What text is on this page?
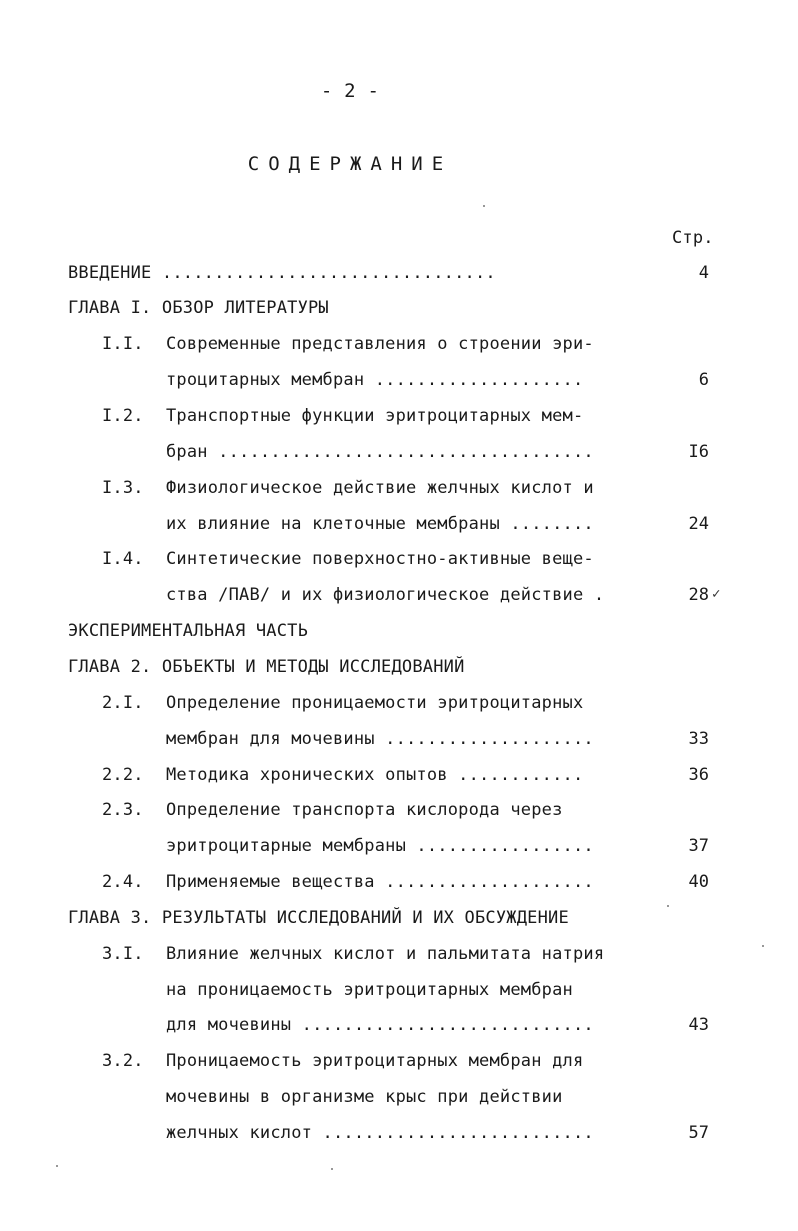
- 2 -
СОДЕРЖАНИЕ
Стр.
ВВЕДЕНИЕ ................................	4
ГЛАВА I. ОБЗОР ЛИТЕРАТУРЫ
I.I. Современные представления о строении эри-
троцитарных мембран ....................	6
I.2. Транспортные функции эритроцитарных мем-
бран ....................................	I6
I.3. Физиологическое действие желчных кислот и
их влияние на клеточные мембраны ........	24
I.4. Синтетические поверхностно-активные веще-
ства /ПАВ/ и их физиологическое действие .	28 ✓
ЭКСПЕРИМЕНТАЛЬНАЯ ЧАСТЬ
ГЛАВА 2. ОБЪЕКТЫ И МЕТОДЫ ИССЛЕДОВАНИЙ
2.I. Определение проницаемости эритроцитарных
мембран для мочевины ....................	33
2.2. Методика хронических опытов ............	36
2.3. Определение транспорта кислорода через
эритроцитарные мембраны .................	37
2.4. Применяемые вещества ....................	40
ГЛАВА 3. РЕЗУЛЬТАТЫ ИССЛЕДОВАНИЙ И ИХ ОБСУЖДЕНИЕ
3.I. Влияние желчных кислот и пальмитата натрия
на проницаемость эритроцитарных мембран
для мочевины ............................	43
3.2. Проницаемость эритроцитарных мембран для
мочевины в организме крыс при действии
желчных кислот ..........................	57
